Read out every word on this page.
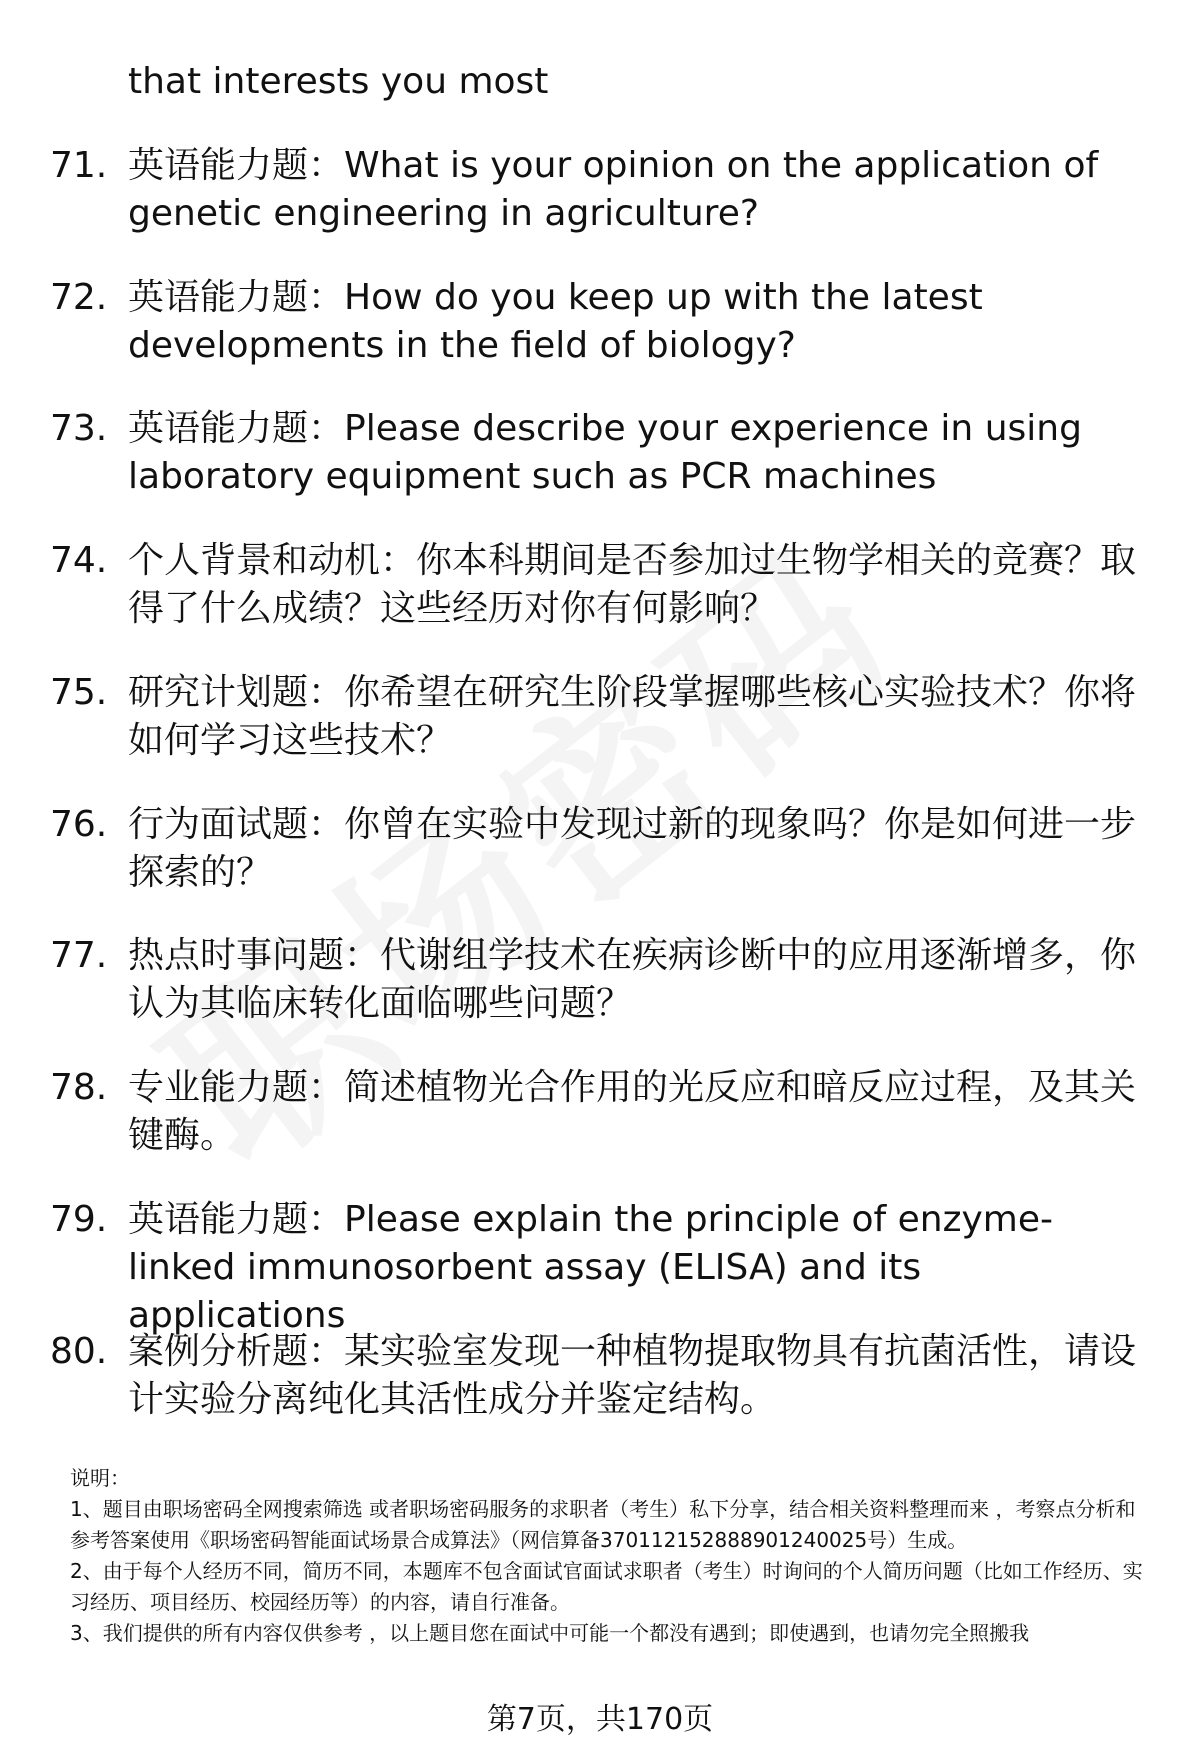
that interests you most
71. 英语能力题：What is your opinion on the application of genetic engineering in agriculture?
72. 英语能力题：How do you keep up with the latest developments in the field of biology?
73. 英语能力题：Please describe your experience in using laboratory equipment such as PCR machines
74. 个人背景和动机：你本科期间是否参加过生物学相关的竞赛？取得了什么成绩？这些经历对你有何影响？
75. 研究计划题：你希望在研究生阶段掌握哪些核心实验技术？你将如何学习这些技术？
76. 行为面试题：你曾在实验中发现过新的现象吗？你是如何进一步探索的？
77. 热点时事问题：代谢组学技术在疾病诊断中的应用逐渐增多，你认为其临床转化面临哪些问题？
78. 专业能力题：简述植物光合作用的光反应和暗反应过程，及其关键酶。
79. 英语能力题：Please explain the principle of enzyme-linked immunosorbent assay (ELISA) and its applications
80. 案例分析题：某实验室发现一种植物提取物具有抗菌活性，请设计实验分离纯化其活性成分并鉴定结构。
说明：
1、题目由职场密码全网搜索筛选 或者职场密码服务的求职者（考生）私下分享，结合相关资料整理而来 ，考察点分析和参考答案使用《职场密码智能面试场景合成算法》（网信算备370112152888901240025号）生成。
2、由于每个人经历不同，简历不同，本题库不包含面试官面试求职者（考生）时询问的个人简历问题（比如工作经历、实习经历、项目经历、校园经历等）的内容，请自行准备。
3、我们提供的所有内容仅供参考 ，以上题目您在面试中可能一个都没有遇到；即使遇到，也请勿完全照搬我
第7页，共170页
